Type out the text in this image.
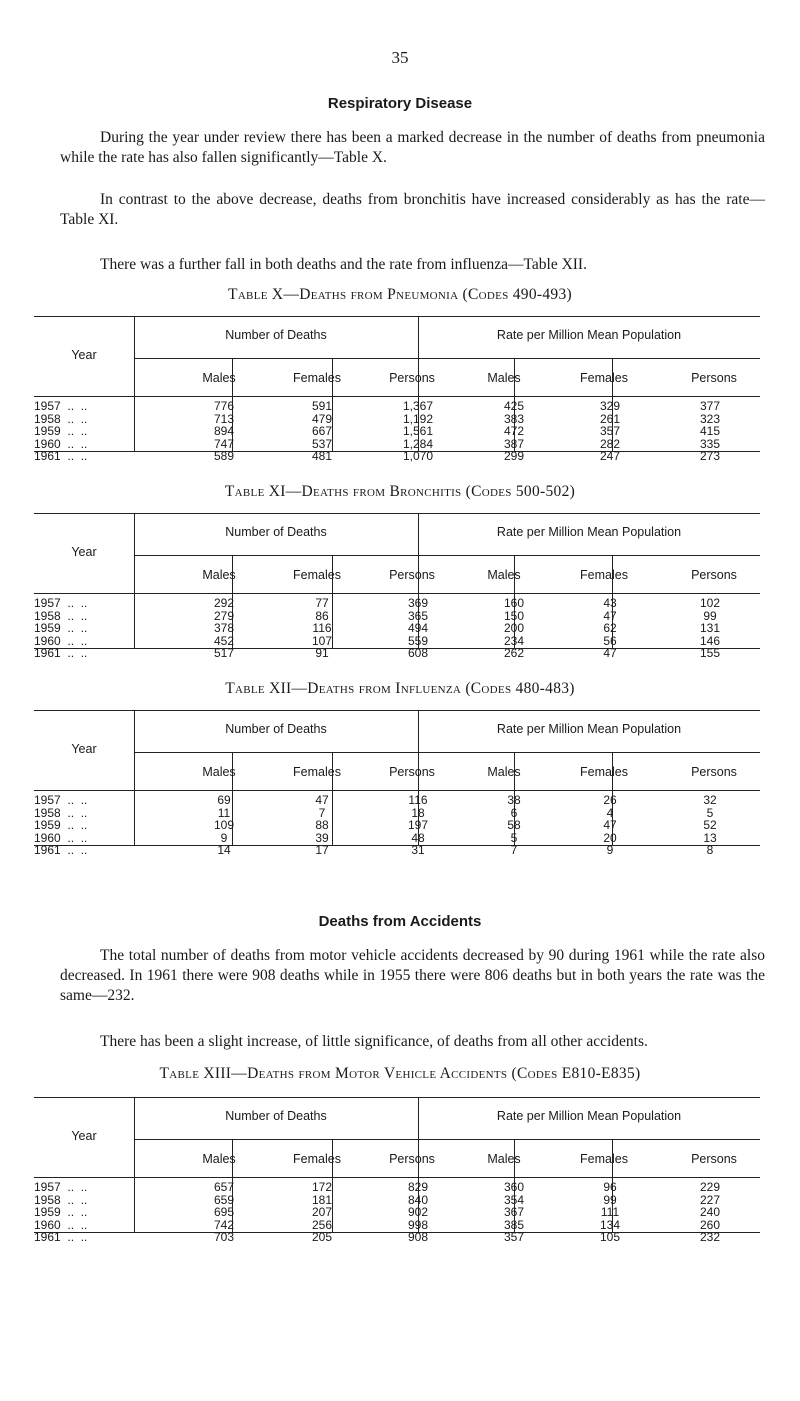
35
Respiratory Disease
During the year under review there has been a marked decrease in the number of deaths from pneumonia while the rate has also fallen significantly—Table X.
In contrast to the above decrease, deaths from bronchitis have increased considerably as has the rate—Table XI.
There was a further fall in both deaths and the rate from influenza—Table XII.
Table X—Deaths from Pneumonia (Codes 490-493)
Year
Number of Deaths	Rate per Million Mean Population
Males	Females	Persons	Males	Females	Persons
1957  ..  ..	776	591	1,367	425	329	377
1958  ..  ..	713	479	1,192	383	261	323
1959  ..  ..	894	667	1,561	472	357	415
1960  ..  ..	747	537	1,284	387	282	335
1961  ..  ..	589	481	1,070	299	247	273
Table XI—Deaths from Bronchitis (Codes 500-502)
Year
Number of Deaths	Rate per Million Mean Population
Males	Females	Persons	Males	Females	Persons
1957  ..  ..	292	77	369	160	43	102
1958  ..  ..	279	86	365	150	47	99
1959  ..  ..	378	116	494	200	62	131
1960  ..  ..	452	107	559	234	56	146
1961  ..  ..	517	91	608	262	47	155
Table XII—Deaths from Influenza (Codes 480-483)
Year
Number of Deaths	Rate per Million Mean Population
Males	Females	Persons	Males	Females	Persons
1957  ..  ..	69	47	116	38	26	32
1958  ..  ..	11	7	18	6	4	5
1959  ..  ..	109	88	197	58	47	52
1960  ..  ..	9	39	48	5	20	13
1961  ..  ..	14	17	31	7	9	8
Deaths from Accidents
The total number of deaths from motor vehicle accidents decreased by 90 during 1961 while the rate also decreased. In 1961 there were 908 deaths while in 1955 there were 806 deaths but in both years the rate was the same—232.
There has been a slight increase, of little significance, of deaths from all other accidents.
Table XIII—Deaths from Motor Vehicle Accidents (Codes E810-E835)
Year
Number of Deaths	Rate per Million Mean Population
Males	Females	Persons	Males	Females	Persons
1957  ..  ..	657	172	829	360	96	229
1958  ..  ..	659	181	840	354	99	227
1959  ..  ..	695	207	902	367	111	240
1960  ..  ..	742	256	998	385	134	260
1961  ..  ..	703	205	908	357	105	232
